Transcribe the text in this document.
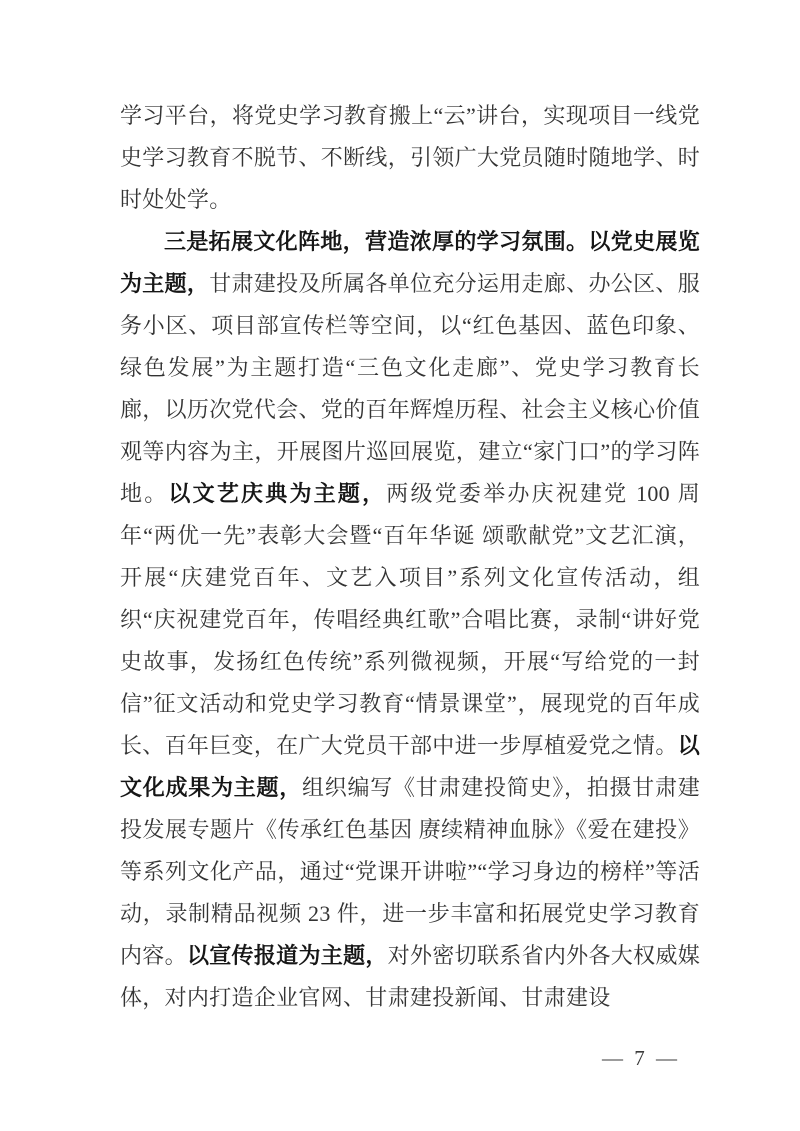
学习平台，将党史学习教育搬上“云”讲台，实现项目一线党史学习教育不脱节、不断线，引领广大党员随时随地学、时时处处学。

三是拓展文化阵地，营造浓厚的学习氛围。以党史展览为主题，甘肃建投及所属各单位充分运用走廊、办公区、服务小区、项目部宣传栏等空间，以“红色基因、蓝色印象、绿色发展”为主题打造“三色文化走廊”、党史学习教育长廊，以历次党代会、党的百年辉煌历程、社会主义核心价值观等内容为主，开展图片巡回展览，建立“家门口”的学习阵地。以文艺庆典为主题，两级党委举办庆祝建党 100 周年“两优一先”表彰大会暨“百年华诞 颂歌献党”文艺汇演，开展“庆建党百年、文艺入项目”系列文化宣传活动，组织“庆祝建党百年，传唱经典红歌”合唱比赛，录制“讲好党史故事，发扬红色传统”系列微视频，开展“写给党的一封信”征文活动和党史学习教育“情景课堂”，展现党的百年成长、百年巨变，在广大党员干部中进一步厚植爱党之情。以文化成果为主题，组织编写《甘肃建投简史》，拍摄甘肃建投发展专题片《传承红色基因 赓续精神血脉》《爱在建投》等系列文化产品，通过“党课开讲啦”“学习身边的榜样”等活动，录制精品视频 23 件，进一步丰富和拓展党史学习教育内容。以宣传报道为主题，对外密切联系省内外各大权威媒体，对内打造企业官网、甘肃建投新闻、甘肃建设

— 7 —
